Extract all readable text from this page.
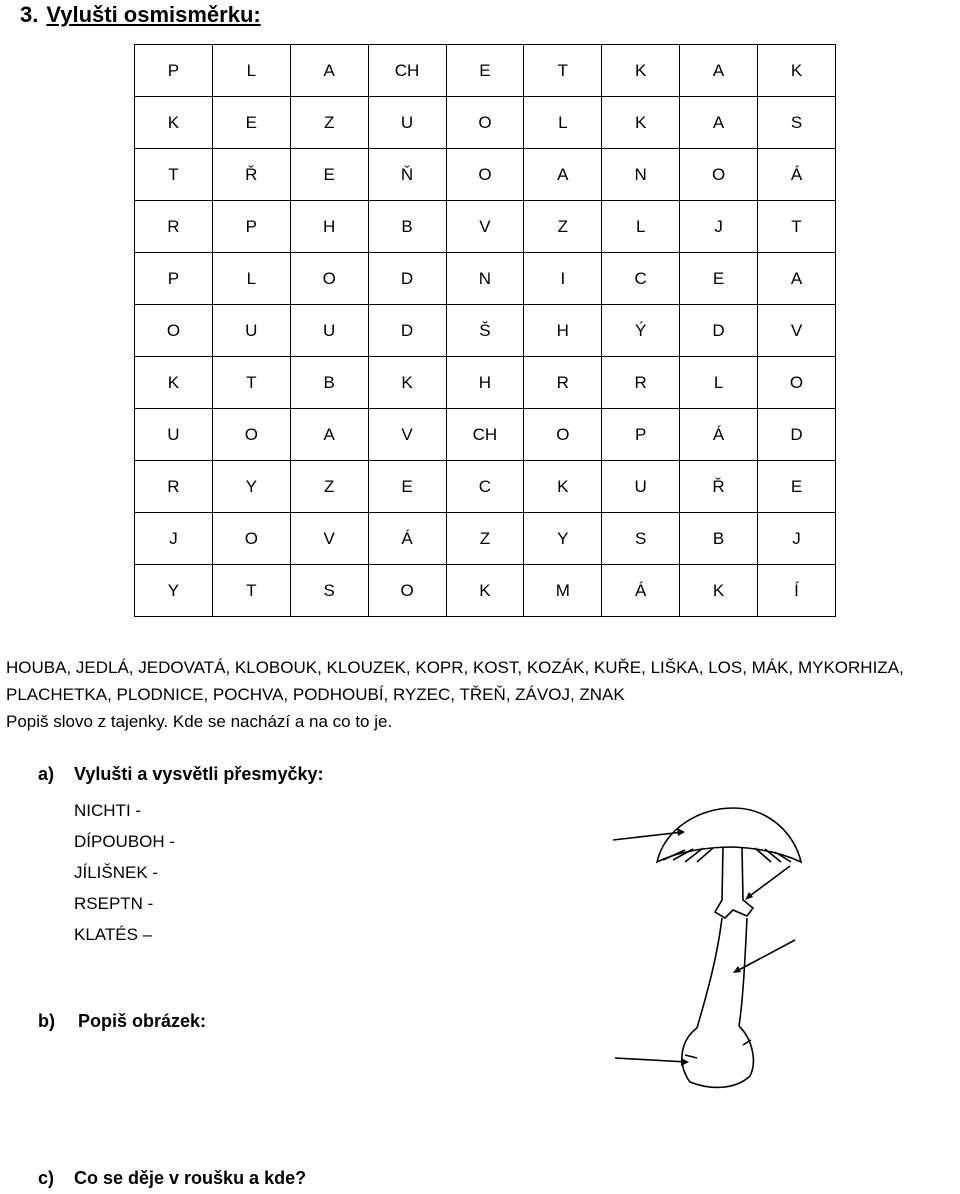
3. Vylušti osmisměrku:
P	L	A	CH	E	T	K	A	K
K	E	Z	U	O	L	K	A	S
T	Ř	E	Ň	O	A	N	O	Á
R	P	H	B	V	Z	L	J	T
P	L	O	D	N	I	C	E	A
O	U	U	D	Š	H	Ý	D	V
K	T	B	K	H	R	R	L	O
U	O	A	V	CH	O	P	Á	D
R	Y	Z	E	C	K	U	Ř	E
J	O	V	Á	Z	Y	S	B	J
Y	T	S	O	K	M	Á	K	Í

HOUBA, JEDLÁ, JEDOVATÁ, KLOBOUK, KLOUZEK, KOPR, KOST, KOZÁK, KUŘE, LIŠKA, LOS, MÁK, MYKORHIZA,

PLACHETKA, PLODNICE, POCHVA, PODHOUBÍ, RYZEC, TŘEŇ, ZÁVOJ, ZNAK

Popiš slovo z tajenky. Kde se nachází a na co to je.

a) Vylušti a vysvětli přesmyčky:
NICHTI -
DÍPOUBOH -
JÍLIŠNEK -
RSEPTN -
KLATÉS –
b) Popiš obrázek:
c) Co se děje v roušku a kde?
